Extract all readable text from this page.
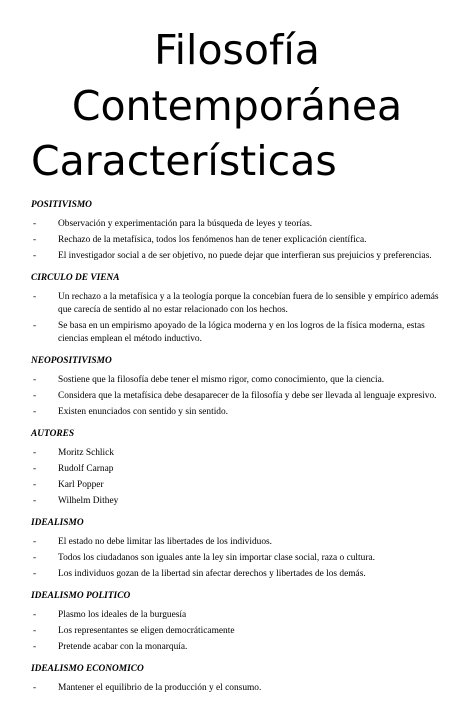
Filosofía
Contemporánea
Características
POSITIVISMO
- Observación y experimentación para la búsqueda de leyes y teorías.
- Rechazo de la metafísica, todos los fenómenos han de tener explicación científica.
- El investigador social a de ser objetivo, no puede dejar que interfieran sus prejuicios y preferencias.
CIRCULO DE VIENA
- Un rechazo a la metafísica y a la teología porque la concebían fuera de lo sensible y empírico además que carecía de sentido al no estar relacionado con los hechos.
- Se basa en un empirismo apoyado de la lógica moderna y en los logros de la física moderna, estas ciencias emplean el método inductivo.
NEOPOSITIVISMO
- Sostiene que la filosofía debe tener el mismo rigor, como conocimiento, que la ciencia.
- Considera que la metafísica debe desaparecer de la filosofía y debe ser llevada al lenguaje expresivo.
- Existen enunciados con sentido y sin sentido.
AUTORES
- Moritz Schlick
- Rudolf Carnap
- Karl Popper
- Wilhelm Dithey
IDEALISMO
- El estado no debe limitar las libertades de los individuos.
- Todos los ciudadanos son iguales ante la ley sin importar clase social, raza o cultura.
- Los individuos gozan de la libertad sin afectar derechos y libertades de los demás.
IDEALISMO POLITICO
- Plasmo los ideales de la burguesía
- Los representantes se eligen democráticamente
- Pretende acabar con la monarquía.
IDEALISMO ECONOMICO
- Mantener el equilibrio de la producción y el consumo.
